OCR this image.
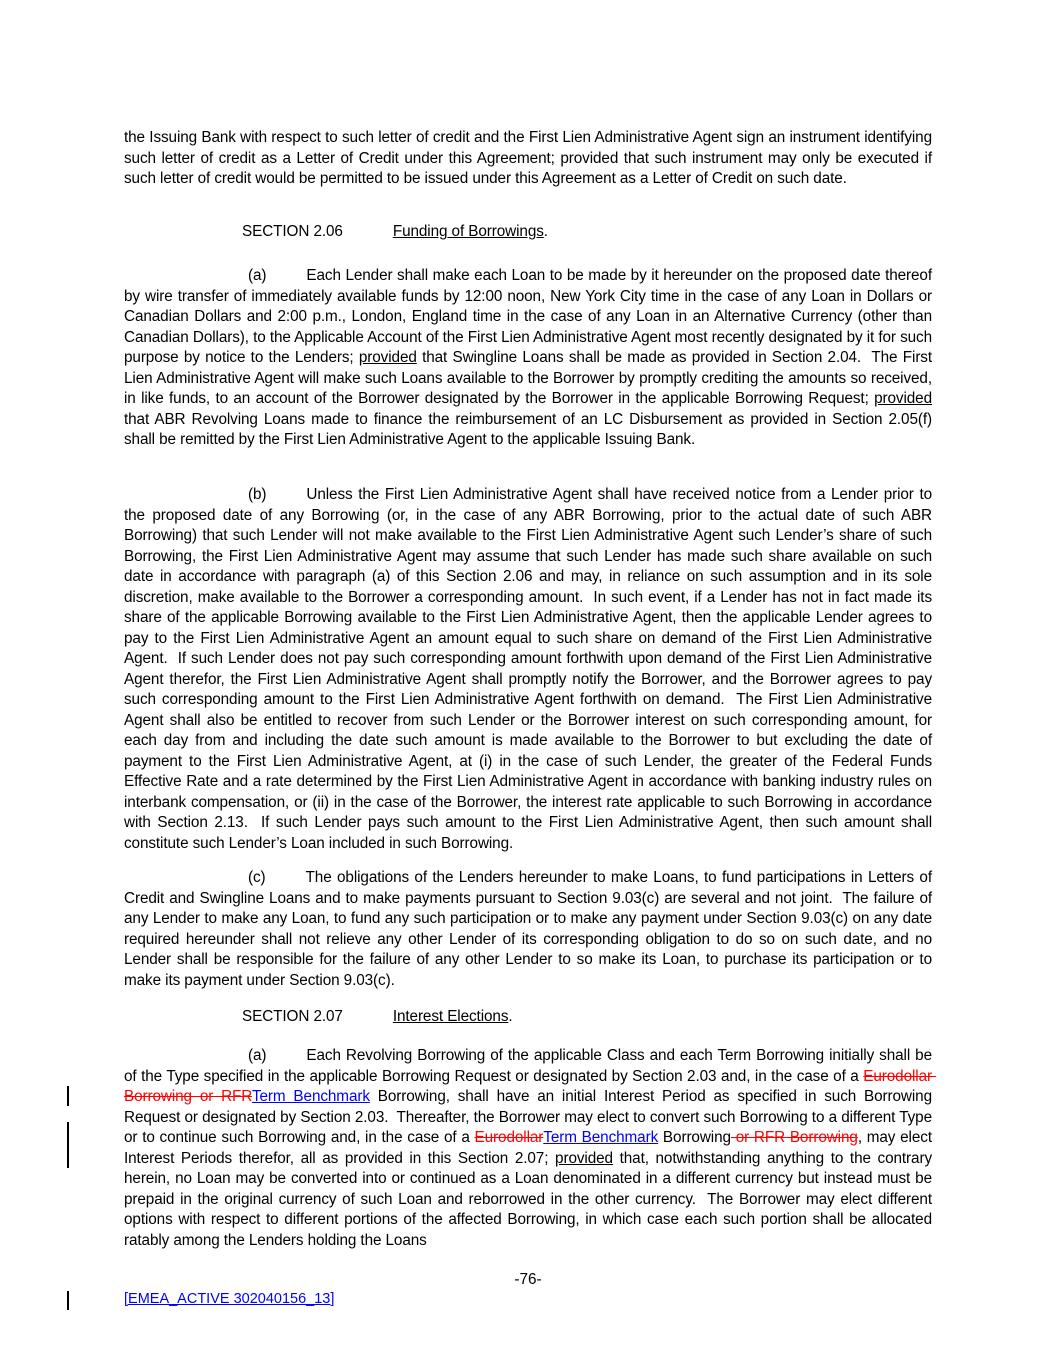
the Issuing Bank with respect to such letter of credit and the First Lien Administrative Agent sign an instrument identifying such letter of credit as a Letter of Credit under this Agreement; provided that such instrument may only be executed if such letter of credit would be permitted to be issued under this Agreement as a Letter of Credit on such date.

SECTION 2.06	Funding of Borrowings.

(a)	Each Lender shall make each Loan to be made by it hereunder on the proposed date thereof by wire transfer of immediately available funds by 12:00 noon, New York City time in the case of any Loan in Dollars or Canadian Dollars and 2:00 p.m., London, England time in the case of any Loan in an Alternative Currency (other than Canadian Dollars), to the Applicable Account of the First Lien Administrative Agent most recently designated by it for such purpose by notice to the Lenders; provided that Swingline Loans shall be made as provided in Section 2.04.  The First Lien Administrative Agent will make such Loans available to the Borrower by promptly crediting the amounts so received, in like funds, to an account of the Borrower designated by the Borrower in the applicable Borrowing Request; provided that ABR Revolving Loans made to finance the reimbursement of an LC Disbursement as provided in Section 2.05(f) shall be remitted by the First Lien Administrative Agent to the applicable Issuing Bank.

(b)	Unless the First Lien Administrative Agent shall have received notice from a Lender prior to the proposed date of any Borrowing (or, in the case of any ABR Borrowing, prior to the actual date of such ABR Borrowing) that such Lender will not make available to the First Lien Administrative Agent such Lender’s share of such Borrowing, the First Lien Administrative Agent may assume that such Lender has made such share available on such date in accordance with paragraph (a) of this Section 2.06 and may, in reliance on such assumption and in its sole discretion, make available to the Borrower a corresponding amount.  In such event, if a Lender has not in fact made its share of the applicable Borrowing available to the First Lien Administrative Agent, then the applicable Lender agrees to pay to the First Lien Administrative Agent an amount equal to such share on demand of the First Lien Administrative Agent.  If such Lender does not pay such corresponding amount forthwith upon demand of the First Lien Administrative Agent therefor, the First Lien Administrative Agent shall promptly notify the Borrower, and the Borrower agrees to pay such corresponding amount to the First Lien Administrative Agent forthwith on demand.  The First Lien Administrative Agent shall also be entitled to recover from such Lender or the Borrower interest on such corresponding amount, for each day from and including the date such amount is made available to the Borrower to but excluding the date of payment to the First Lien Administrative Agent, at (i) in the case of such Lender, the greater of the Federal Funds Effective Rate and a rate determined by the First Lien Administrative Agent in accordance with banking industry rules on interbank compensation, or (ii) in the case of the Borrower, the interest rate applicable to such Borrowing in accordance with Section 2.13.  If such Lender pays such amount to the First Lien Administrative Agent, then such amount shall constitute such Lender’s Loan included in such Borrowing.

(c)	The obligations of the Lenders hereunder to make Loans, to fund participations in Letters of Credit and Swingline Loans and to make payments pursuant to Section 9.03(c) are several and not joint.  The failure of any Lender to make any Loan, to fund any such participation or to make any payment under Section 9.03(c) on any date required hereunder shall not relieve any other Lender of its corresponding obligation to do so on such date, and no Lender shall be responsible for the failure of any other Lender to so make its Loan, to purchase its participation or to make its payment under Section 9.03(c).

SECTION 2.07	Interest Elections.

(a)	Each Revolving Borrowing of the applicable Class and each Term Borrowing initially shall be of the Type specified in the applicable Borrowing Request or designated by Section 2.03 and, in the case of a Eurodollar Borrowing or RFRTerm Benchmark Borrowing, shall have an initial Interest Period as specified in such Borrowing Request or designated by Section 2.03.  Thereafter, the Borrower may elect to convert such Borrowing to a different Type or to continue such Borrowing and, in the case of a EurodollarTerm Benchmark Borrowing or RFR Borrowing, may elect Interest Periods therefor, all as provided in this Section 2.07; provided that, notwithstanding anything to the contrary herein, no Loan may be converted into or continued as a Loan denominated in a different currency but instead must be prepaid in the original currency of such Loan and reborrowed in the other currency.  The Borrower may elect different options with respect to different portions of the affected Borrowing, in which case each such portion shall be allocated ratably among the Lenders holding the Loans

-76-
[EMEA_ACTIVE 302040156_13]
